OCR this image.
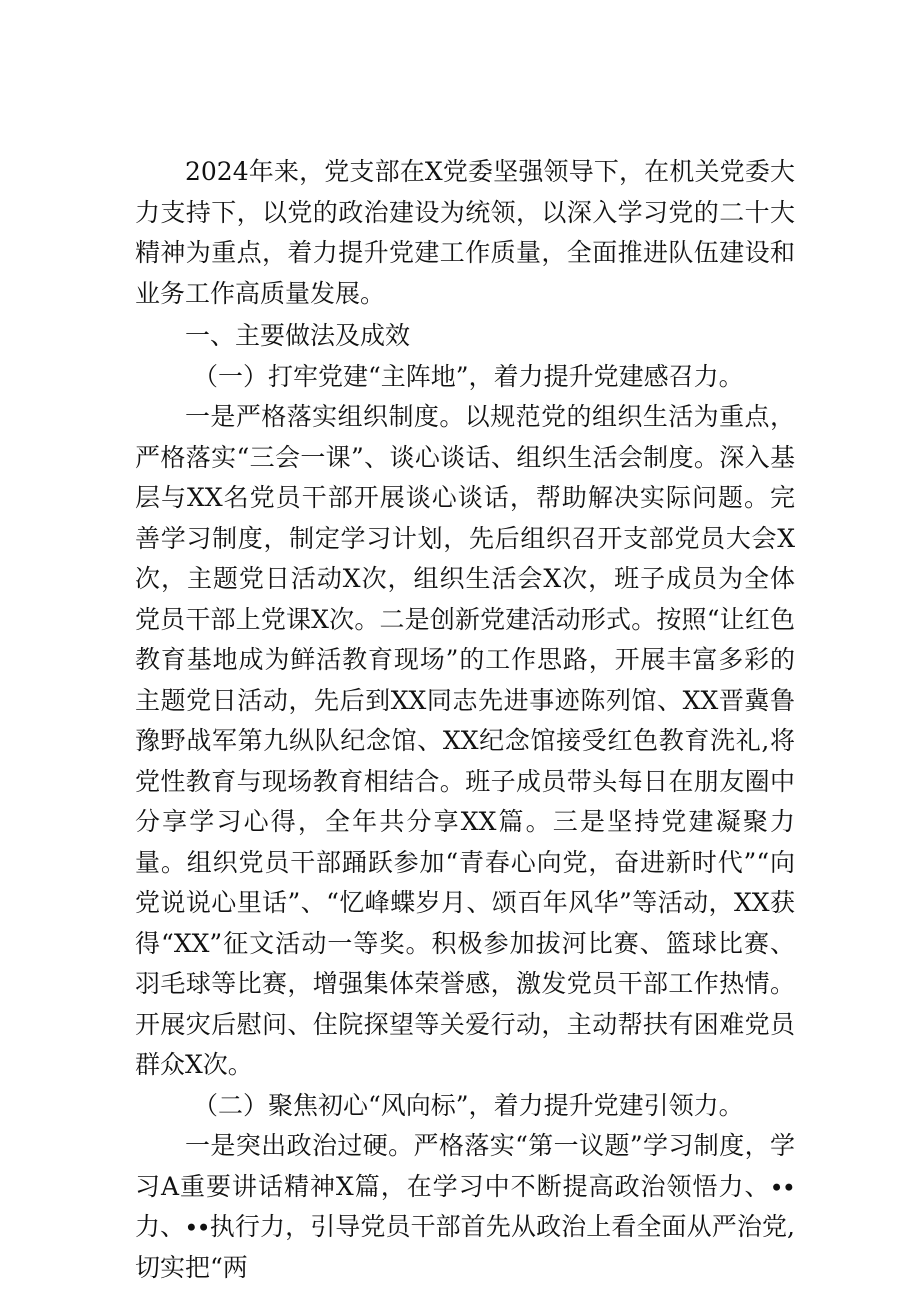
2024年来，党支部在X党委坚强领导下，在机关党委大力支持下，以党的政治建设为统领，以深入学习党的二十大精神为重点，着力提升党建工作质量，全面推进队伍建设和业务工作高质量发展。

一、主要做法及成效

（一）打牢党建“主阵地”，着力提升党建感召力。

一是严格落实组织制度。以规范党的组织生活为重点，严格落实“三会一课”、谈心谈话、组织生活会制度。深入基层与XX名党员干部开展谈心谈话，帮助解决实际问题。完善学习制度，制定学习计划，先后组织召开支部党员大会X次，主题党日活动X次，组织生活会X次，班子成员为全体党员干部上党课X次。二是创新党建活动形式。按照“让红色教育基地成为鲜活教育现场”的工作思路，开展丰富多彩的主题党日活动，先后到XX同志先进事迹陈列馆、XX晋冀鲁豫野战军第九纵队纪念馆、XX纪念馆接受红色教育洗礼,将党性教育与现场教育相结合。班子成员带头每日在朋友圈中分享学习心得，全年共分享XX篇。三是坚持党建凝聚力量。组织党员干部踊跃参加“青春心向党，奋进新时代”“向党说说心里话”、“忆峰蝶岁月、颂百年风华”等活动，XX获得“XX”征文活动一等奖。积极参加拔河比赛、篮球比赛、羽毛球等比赛，增强集体荣誉感，激发党员干部工作热情。开展灾后慰问、住院探望等关爱行动，主动帮扶有困难党员群众X次。

（二）聚焦初心“风向标”，着力提升党建引领力。

一是突出政治过硬。严格落实“第一议题”学习制度，学习A重要讲话精神X篇，在学习中不断提高政治领悟力、∙∙力、∙∙执行力，引导党员干部首先从政治上看全面从严治党,切实把“两
